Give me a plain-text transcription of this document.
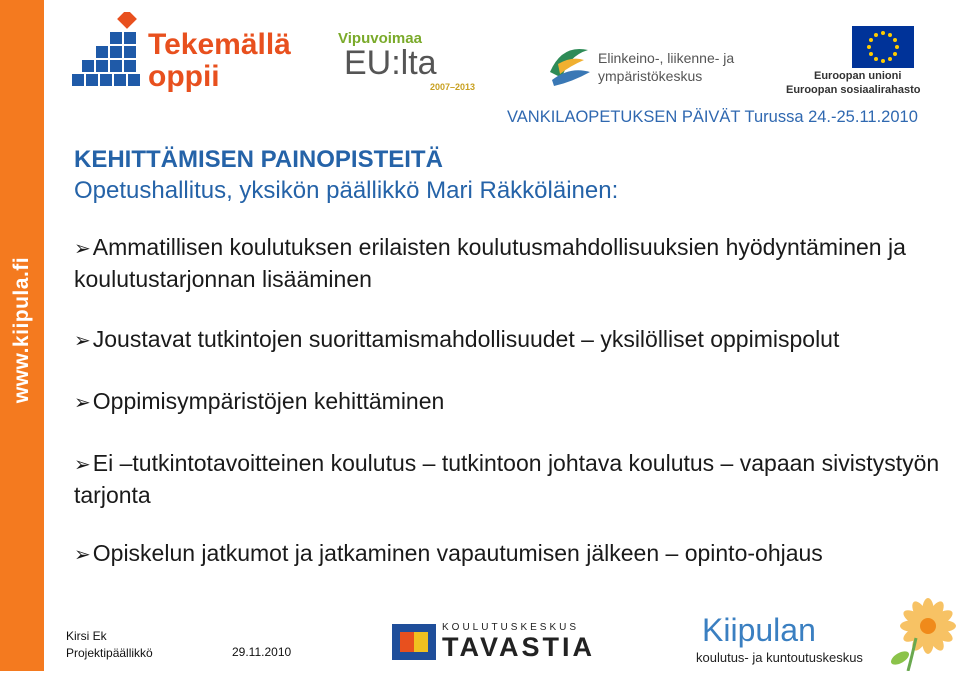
www.kiipula.fi
Tekemällä
oppii
Vipuvoimaa
EU:lta
2007–2013
Elinkeino-, liikenne- ja
ympäristökeskus	Euroopan unioni
Euroopan sosiaalirahasto
VANKILAOPETUKSEN PÄIVÄT Turussa 24.-25.11.2010
KEHITTÄMISEN PAINOPISTEITÄ
Opetushallitus, yksikön päällikkö Mari Räkköläinen:
➢Ammatillisen koulutuksen erilaisten koulutusmahdollisuuksien hyödyntäminen ja koulutustarjonnan lisääminen
➢Joustavat tutkintojen suorittamismahdollisuudet – yksilölliset oppimispolut
➢Oppimisympäristöjen kehittäminen
➢Ei –tutkintotavoitteinen koulutus – tutkintoon johtava koulutus – vapaan sivistystyön tarjonta
➢Opiskelun jatkumot ja jatkaminen vapautumisen jälkeen – opinto-ohjaus
Kirsi Ek
Projektipäällikkö	29.11.2010
KOULUTUSKESKUS
TAVASTIA	Kiipulan
koulutus- ja kuntoutuskeskus
